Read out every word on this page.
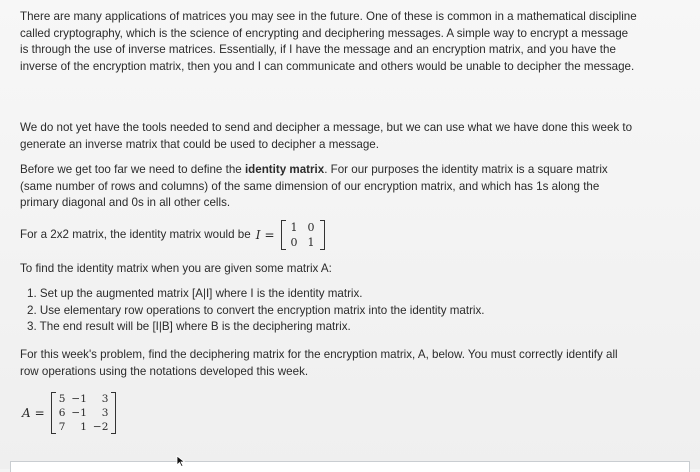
There are many applications of matrices you may see in the future. One of these is common in a mathematical discipline called cryptography, which is the science of encrypting and deciphering messages. A simple way to encrypt a message is through the use of inverse matrices. Essentially, if I have the message and an encryption matrix, and you have the inverse of the encryption matrix, then you and I can communicate and others would be unable to decipher the message.

We do not yet have the tools needed to send and decipher a message, but we can use what we have done this week to generate an inverse matrix that could be used to decipher a message.

Before we get too far we need to define the identity matrix. For our purposes the identity matrix is a square matrix (same number of rows and columns) of the same dimension of our encryption matrix, and which has 1s along the primary diagonal and 0s in all other cells.

For a 2x2 matrix, the identity matrix would be I =
1	0
0	1

To find the identity matrix when you are given some matrix A:

1. Set up the augmented matrix [A|I] where I is the identity matrix.
2. Use elementary row operations to convert the encryption matrix into the identity matrix.
3. The end result will be [I|B] where B is the deciphering matrix.

For this week's problem, find the deciphering matrix for the encryption matrix, A, below. You must correctly identify all row operations using the notations developed this week.

A =
5	−1	3
6	−1	3
7	1	−2
